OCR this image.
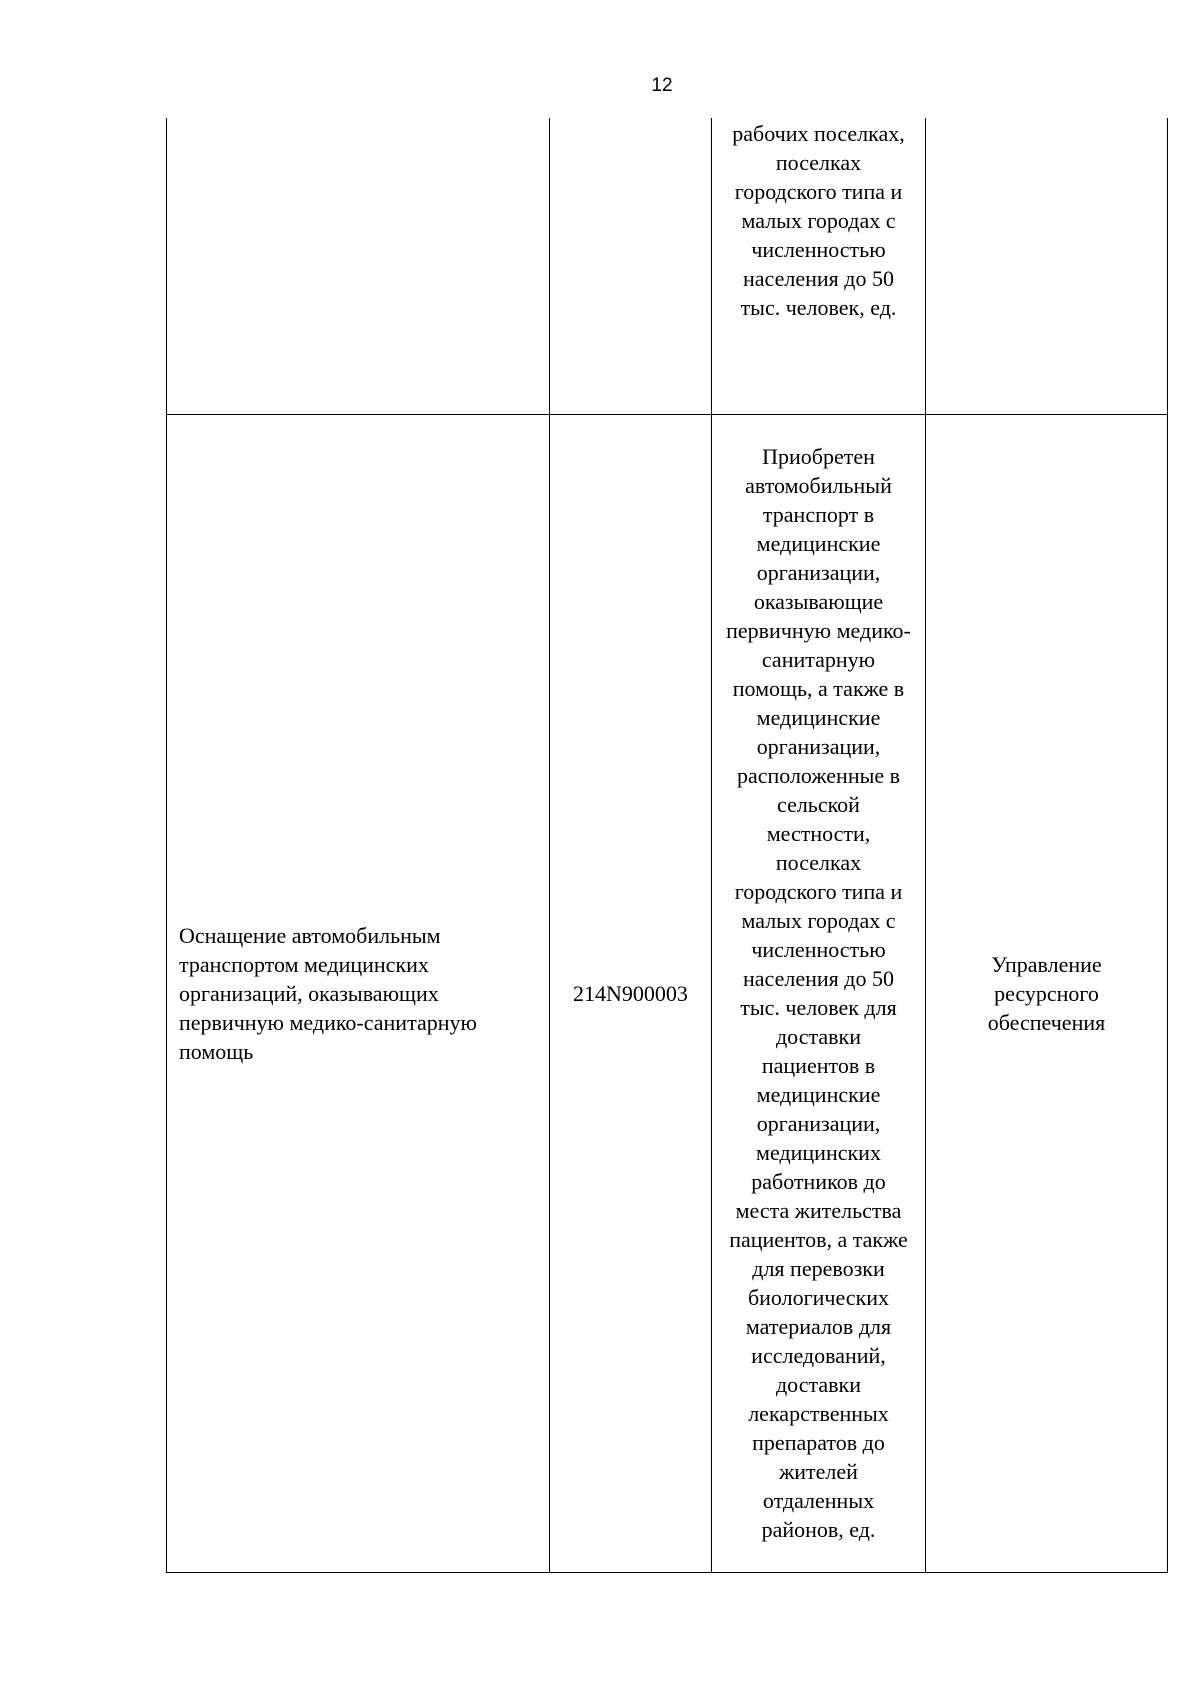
12

		рабочих поселках, поселках городского типа и малых городах с численностью населения до 50 тыс. человек, ед.	

Оснащение автомобильным транспортом медицинских организаций, оказывающих первичную медико-санитарную помощь	214N900003	Приобретен автомобильный транспорт в медицинские организации, оказывающие первичную медико-санитарную помощь, а также в медицинские организации, расположенные в сельской местности, поселках городского типа и малых городах с численностью населения до 50 тыс. человек для доставки пациентов в медицинские организации, медицинских работников до места жительства пациентов, а также для перевозки биологических материалов для исследований, доставки лекарственных препаратов до жителей отдаленных районов, ед.	Управление ресурсного обеспечения
